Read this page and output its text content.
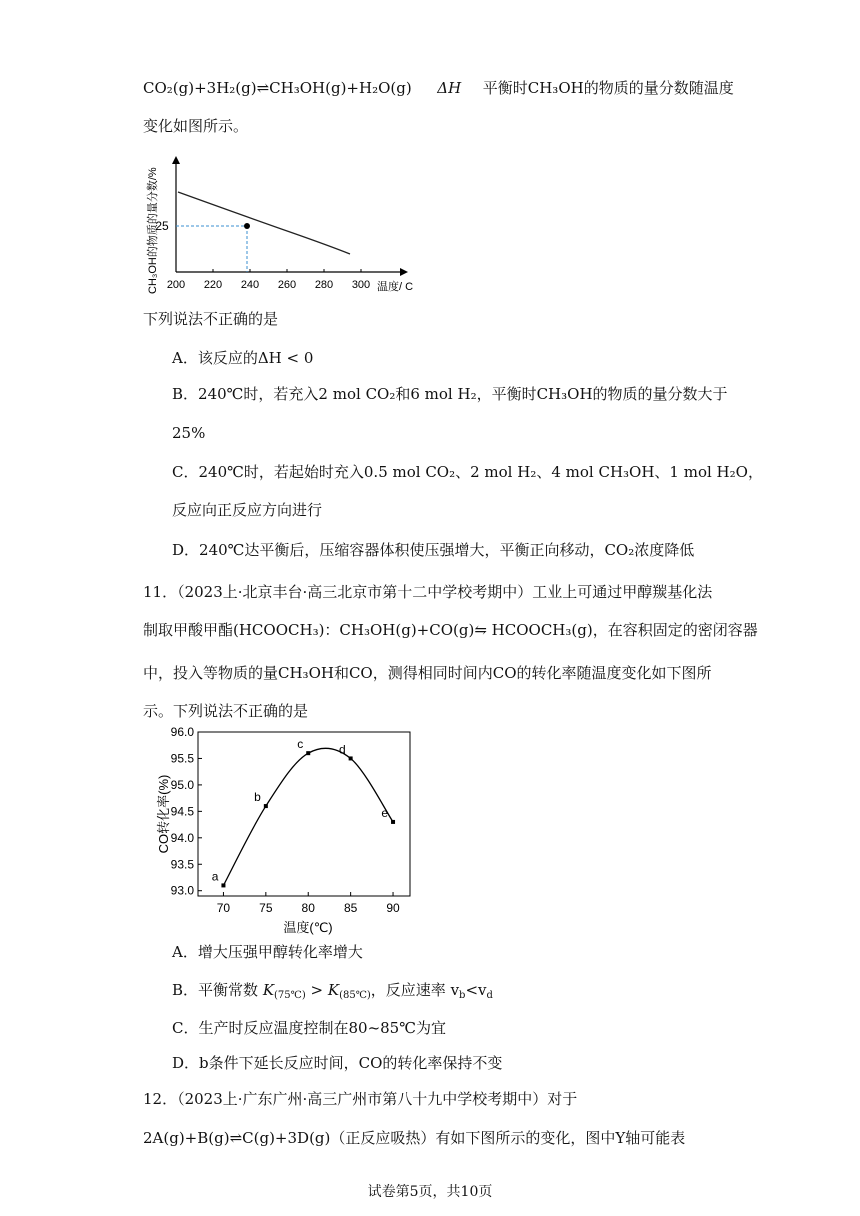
CO₂(g)+3H₂(g)⇌CH₃OH(g)+H₂O(g) ΔH 平衡时CH₃OH的物质的量分数随温度
变化如图所示。
25
200 220 240 260 280 300 温度/ C
CH₃OH的物质的量分数/%
下列说法不正确的是
A．该反应的ΔH < 0
B．240℃时，若充入2 mol CO₂和6 mol H₂，平衡时CH₃OH的物质的量分数大于
25%
C．240℃时，若起始时充入0.5 mol CO₂、2 mol H₂、4 mol CH₃OH、1 mol H₂O，
反应向正反应方向进行
D．240℃达平衡后，压缩容器体积使压强增大，平衡正向移动，CO₂浓度降低
11．（2023上·北京丰台·高三北京市第十二中学校考期中）工业上可通过甲醇羰基化法
制取甲酸甲酯(HCOOCH₃)：CH₃OH(g)+CO(g)⇋ HCOOCH₃(g)，在容积固定的密闭容器
中，投入等物质的量CH₃OH和CO，测得相同时间内CO的转化率随温度变化如下图所
示。下列说法不正确的是
93.0
93.5
94.0
94.5
95.0
95.5
96.0
70 75 80 85 90
a
b
c	d
e
温度(℃)
CO转化率(%)
A．增大压强甲醇转化率增大
B．平衡常数 $K_{(75℃)} > K_{(85℃)}$，反应速率 $v_b<v_d$
C．生产时反应温度控制在80~85℃为宜
D．b条件下延长反应时间，CO的转化率保持不变
12．（2023上·广东广州·高三广州市第八十九中学校考期中）对于
2A(g)+B(g)⇌C(g)+3D(g)（正反应吸热）有如下图所示的变化，图中Y轴可能表
试卷第5页，共10页
